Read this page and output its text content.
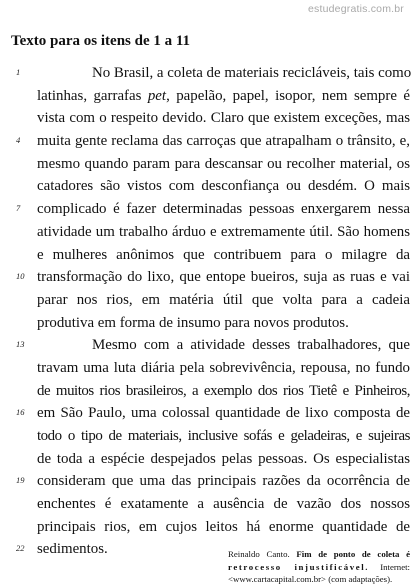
estudegratis.com.br
Texto para os itens de 1 a 11
1	No Brasil, a coleta de materiais recicláveis, tais como
latinhas, garrafas pet, papelão, papel, isopor, nem sempre é
vista com o respeito devido. Claro que existem exceções, mas
4	muita gente reclama das carroças que atrapalham o trânsito, e,
mesmo quando param para descansar ou recolher material, os
catadores são vistos com desconfiança ou desdém. O mais
7	complicado é fazer determinadas pessoas enxergarem nessa
atividade um trabalho árduo e extremamente útil. São homens
e mulheres anônimos que contribuem para o milagre da
10 transformação do lixo, que entope bueiros, suja as ruas e vai
parar nos rios, em matéria útil que volta para a cadeia
produtiva em forma de insumo para novos produtos.
13	Mesmo com a atividade desses trabalhadores, que
travam uma luta diária pela sobrevivência, repousa, no fundo
de muitos rios brasileiros, a exemplo dos rios Tietê e Pinheiros,
16 em São Paulo, uma colossal quantidade de lixo composta de
todo o tipo de materiais, inclusive sofás e geladeiras, e sujeiras
de toda a espécie despejados pelas pessoas. Os especialistas
19 consideram que uma das principais razões da ocorrência de
enchentes é exatamente a ausência de vazão dos nossos
principais rios, em cujos leitos há enorme quantidade de
22 sedimentos.	Reinaldo Canto. Fim de ponto de coleta é
retrocesso injustificável. Internet:
<www.cartacapital.com.br> (com adaptações).
